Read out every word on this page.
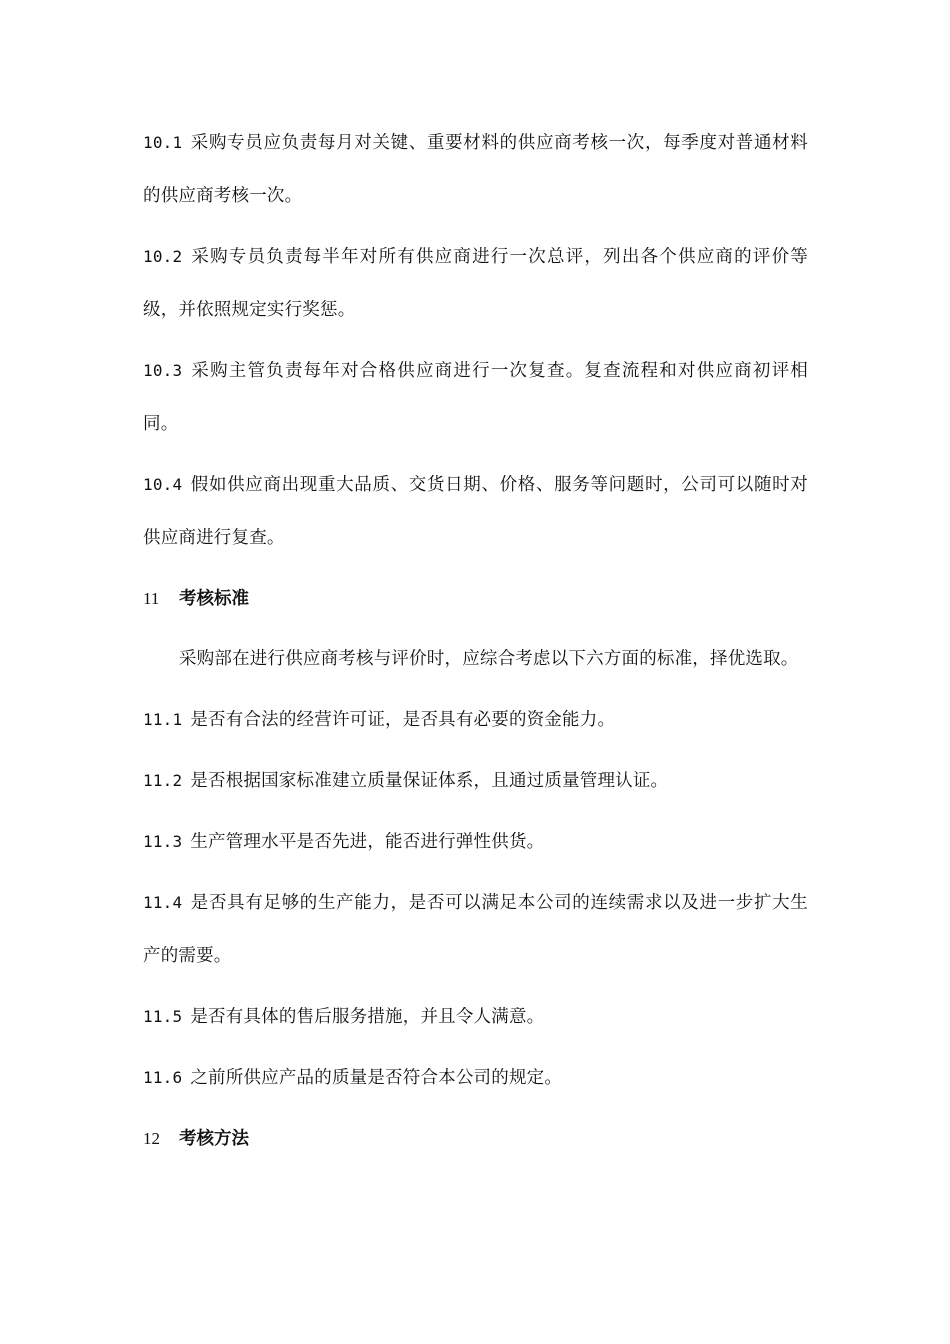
10.1 采购专员应负责每月对关键、重要材料的供应商考核一次，每季度对普通材料的供应商考核一次。

10.2 采购专员负责每半年对所有供应商进行一次总评，列出各个供应商的评价等级，并依照规定实行奖惩。

10.3 采购主管负责每年对合格供应商进行一次复查。复查流程和对供应商初评相同。

10.4 假如供应商出现重大品质、交货日期、价格、服务等问题时，公司可以随时对供应商进行复查。

11 考核标准

采购部在进行供应商考核与评价时，应综合考虑以下六方面的标准，择优选取。

11.1 是否有合法的经营许可证，是否具有必要的资金能力。

11.2 是否根据国家标准建立质量保证体系，且通过质量管理认证。

11.3 生产管理水平是否先进，能否进行弹性供货。

11.4 是否具有足够的生产能力，是否可以满足本公司的连续需求以及进一步扩大生产的需要。

11.5 是否有具体的售后服务措施，并且令人满意。

11.6 之前所供应产品的质量是否符合本公司的规定。

12 考核方法
